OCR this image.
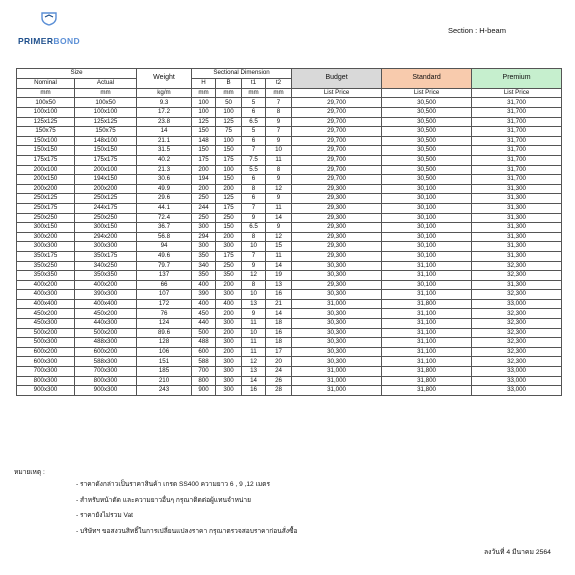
PRIMERBOND
Section : H-beam
Size		Weight	Sectional Dimension				Budget	Standard	Premium
Nominal	Actual		H	B	t1	t2			
mm	mm	kg/m	mm	mm	mm	mm	List Price	List Price	List Price
100x50	100x50	9.3	100	50	5	7	29,700	30,500	31,700
100x100	100x100	17.2	100	100	6	8	29,700	30,500	31,700
125x125	125x125	23.8	125	125	6.5	9	29,700	30,500	31,700
150x75	150x75	14	150	75	5	7	29,700	30,500	31,700
150x100	148x100	21.1	148	100	6	9	29,700	30,500	31,700
150x150	150x150	31.5	150	150	7	10	29,700	30,500	31,700
175x175	175x175	40.2	175	175	7.5	11	29,700	30,500	31,700
200x100	200x100	21.3	200	100	5.5	8	29,700	30,500	31,700
200x150	194x150	30.6	194	150	6	9	29,700	30,500	31,700
200x200	200x200	49.9	200	200	8	12	29,300	30,100	31,300
250x125	250x125	29.6	250	125	6	9	29,300	30,100	31,300
250x175	244x175	44.1	244	175	7	11	29,300	30,100	31,300
250x250	250x250	72.4	250	250	9	14	29,300	30,100	31,300
300x150	300x150	36.7	300	150	6.5	9	29,300	30,100	31,300
300x200	294x200	56.8	294	200	8	12	29,300	30,100	31,300
300x300	300x300	94	300	300	10	15	29,300	30,100	31,300
350x175	350x175	49.6	350	175	7	11	29,300	30,100	31,300
350x250	340x250	79.7	340	250	9	14	30,300	31,100	32,300
350x350	350x350	137	350	350	12	19	30,300	31,100	32,300
400x200	400x200	66	400	200	8	13	29,300	30,100	31,300
400x300	390x300	107	390	300	10	16	30,300	31,100	32,300
400x400	400x400	172	400	400	13	21	31,000	31,800	33,000
450x200	450x200	76	450	200	9	14	30,300	31,100	32,300
450x300	440x300	124	440	300	11	18	30,300	31,100	32,300
500x200	500x200	89.6	500	200	10	16	30,300	31,100	32,300
500x300	488x300	128	488	300	11	18	30,300	31,100	32,300
600x200	600x200	106	600	200	11	17	30,300	31,100	32,300
600x300	588x300	151	588	300	12	20	30,300	31,100	32,300
700x300	700x300	185	700	300	13	24	31,000	31,800	33,000
800x300	800x300	210	800	300	14	26	31,000	31,800	33,000
900x300	900x300	243	900	300	16	28	31,000	31,800	33,000
หมายเหตุ :
- ราคาดังกล่าวเป็นราคาสินค้า เกรด SS400 ความยาว 6 , 9 ,12 เมตร
- สำหรับหน้าตัด และความยาวอื่นๆ กรุณาติดต่อผู้แทนจำหน่าย
- ราคายังไม่รวม Vat
- บริษัทฯ ขอสงวนสิทธิ์ในการเปลี่ยนแปลงราคา กรุณาตรวจสอบราคาก่อนสั่งซื้อ
ลงวันที่ 4 มีนาคม 2564
